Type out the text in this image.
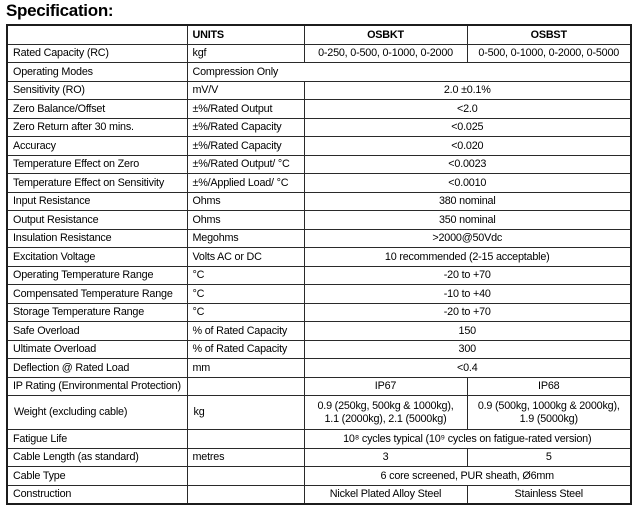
Specification:
	UNITS	OSBKT	OSBST
Rated Capacity (RC)	kgf	0-250, 0-500, 0-1000, 0-2000	0-500, 0-1000, 0-2000, 0-5000
Operating Modes	Compression Only		
Sensitivity (RO)	mV/V	2.0 ±0.1%	
Zero Balance/Offset	±%/Rated Output	<2.0	
Zero Return after 30 mins.	±%/Rated Capacity	<0.025	
Accuracy	±%/Rated Capacity	<0.020	
Temperature Effect on Zero	±%/Rated Output/ °C	<0.0023	
Temperature Effect on Sensitivity	±%/Applied Load/ °C	<0.0010	
Input Resistance	Ohms	380 nominal	
Output Resistance	Ohms	350 nominal	
Insulation Resistance	Megohms	>2000@50Vdc	
Excitation Voltage	Volts AC or DC	10 recommended (2-15 acceptable)	
Operating Temperature Range	°C	-20 to +70	
Compensated Temperature Range	°C	-10 to +40	
Storage Temperature Range	°C	-20 to +70	
Safe Overload	% of Rated Capacity	150	
Ultimate Overload	% of Rated Capacity	300	
Deflection @ Rated Load	mm	<0.4	
IP Rating (Environmental Protection)		IP67	IP68
Weight (excluding cable)	kg	0.9 (250kg, 500kg & 1000kg), 1.1 (2000kg), 2.1 (5000kg)	0.9 (500kg, 1000kg & 2000kg), 1.9 (5000kg)
Fatigue Life		10⁸ cycles typical (10⁹ cycles on fatigue-rated version)	
Cable Length (as standard)	metres	3	5
Cable Type		6 core screened, PUR sheath, Ø6mm	
Construction		Nickel Plated Alloy Steel	Stainless Steel
